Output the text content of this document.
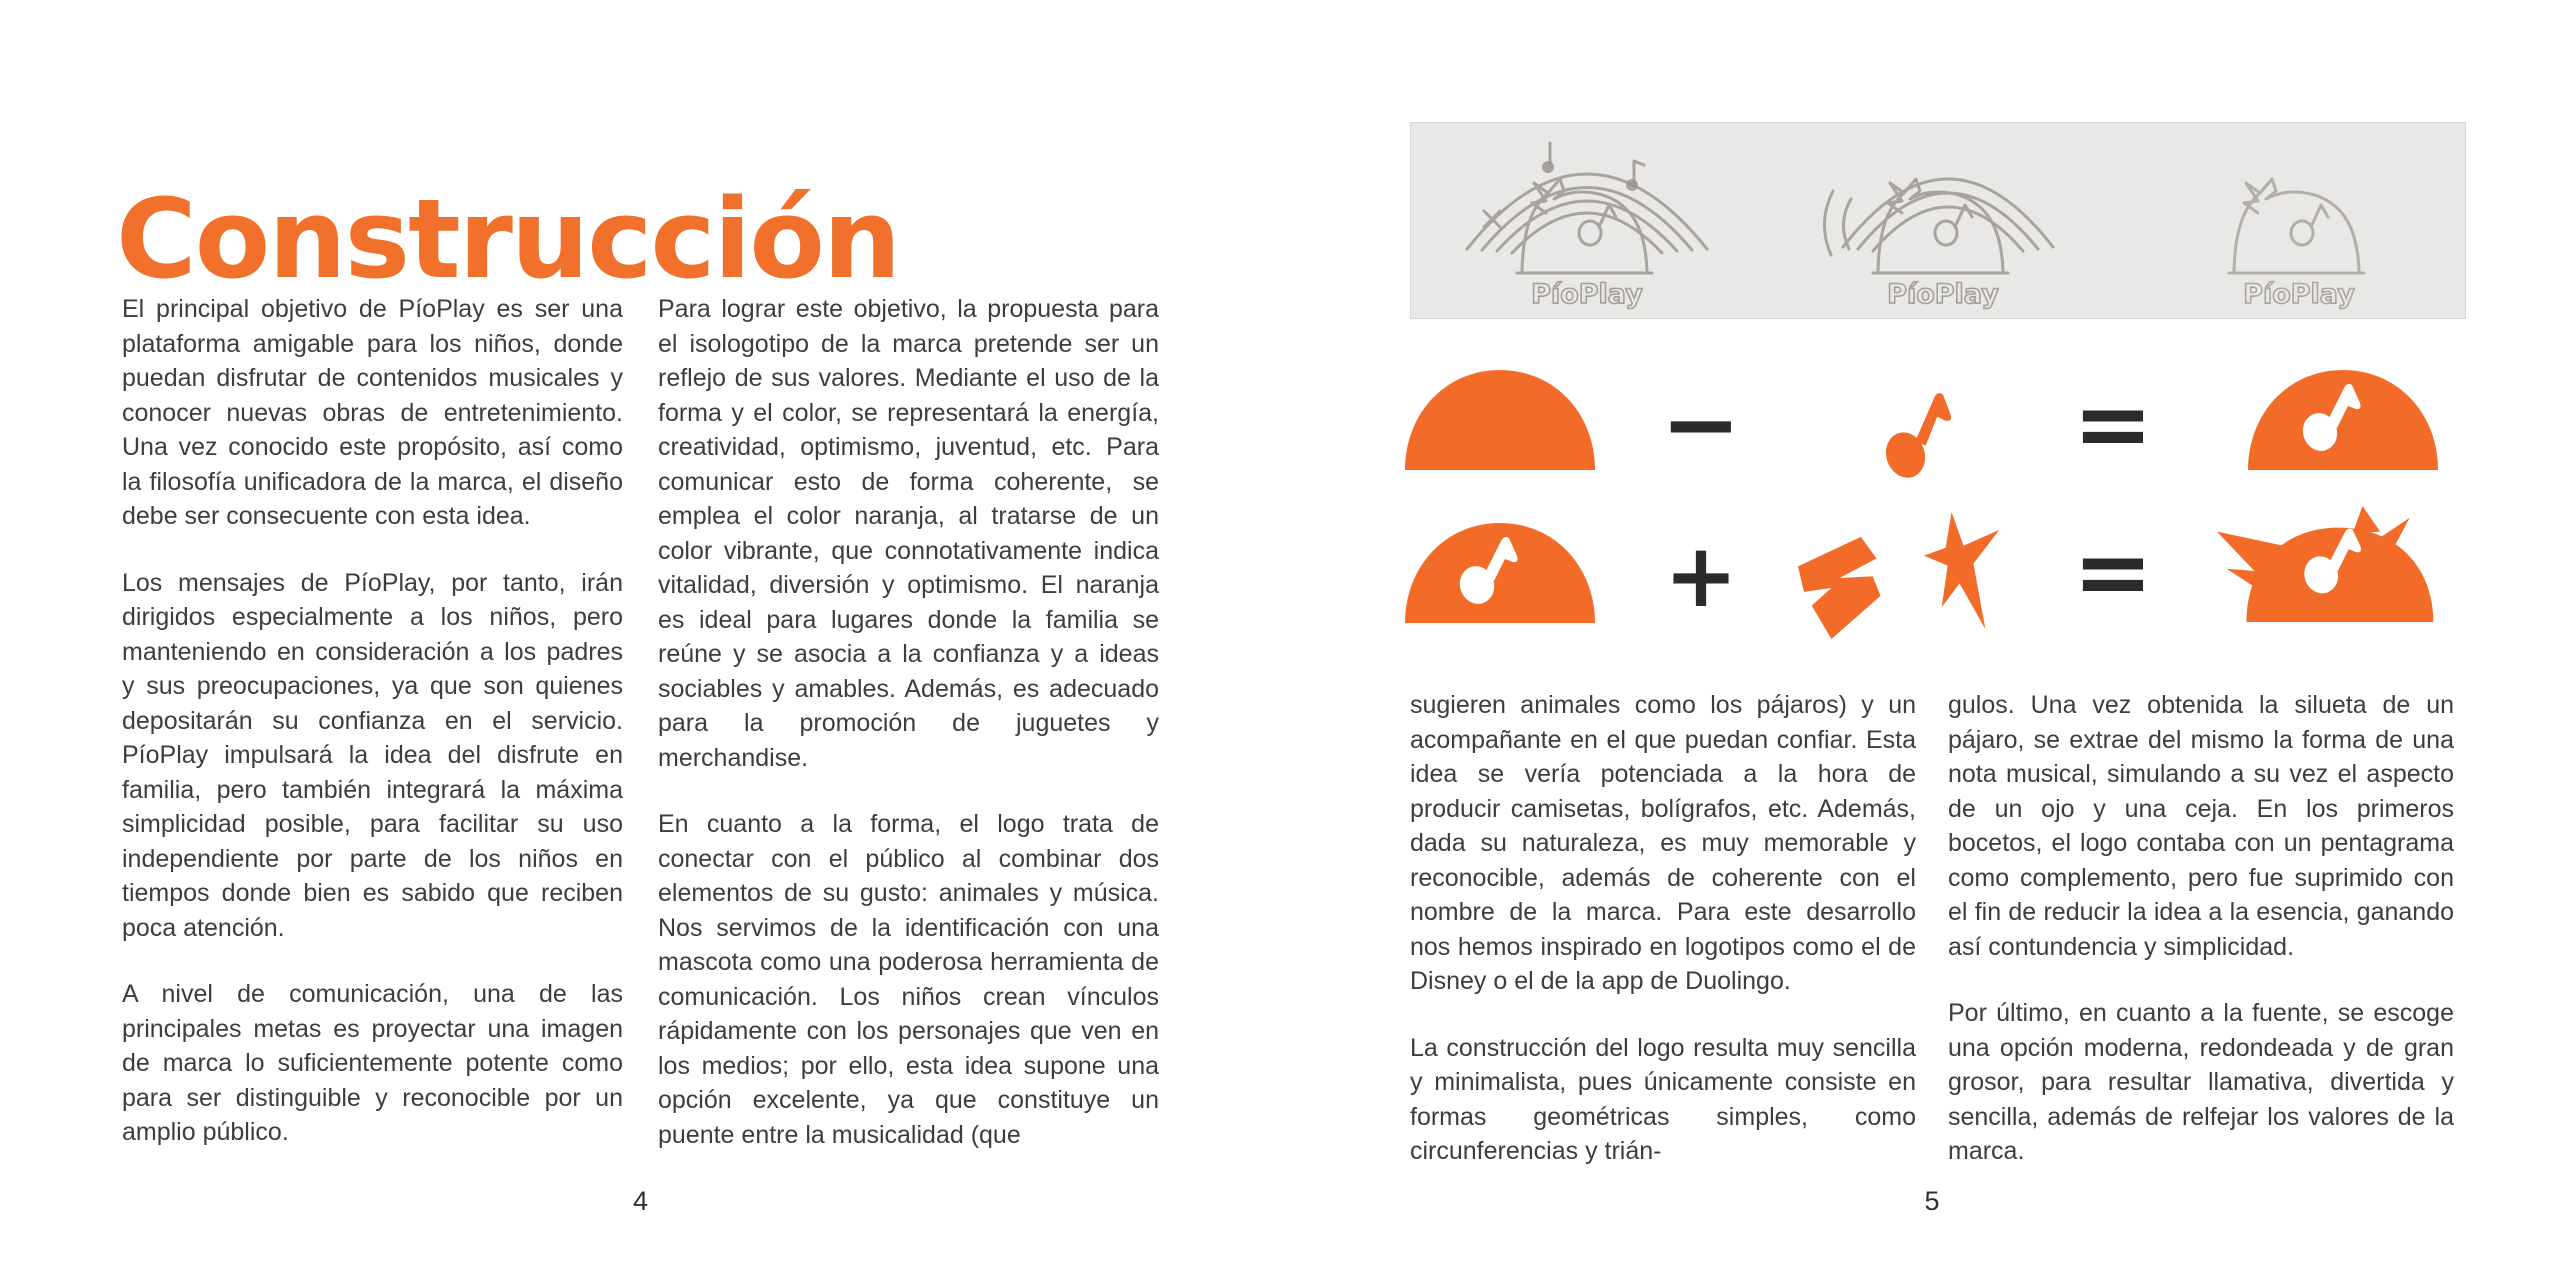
Construcción

El principal objetivo de PíoPlay es ser una plataforma amigable para los niños, donde puedan disfrutar de contenidos musicales y conocer nuevas obras de entretenimiento. Una vez conocido este propósito, así como la filosofía unificadora de la marca, el diseño debe ser consecuente con esta idea.

Los mensajes de PíoPlay, por tanto, irán dirigidos especialmente a los niños, pero manteniendo en consideración a los padres y sus preocupaciones, ya que son quienes depositarán su confianza en el servicio. PíoPlay impulsará la idea del disfrute en familia, pero también integrará la máxima simplicidad posible, para facilitar su uso independiente por parte de los niños en tiempos donde bien es sabido que reciben poca atención.

A nivel de comunicación, una de las principales metas es proyectar una imagen de marca lo suficientemente potente como para ser distinguible y reconocible por un amplio público.

Para lograr este objetivo, la propuesta para el isologotipo de la marca pretende ser un reflejo de sus valores. Mediante el uso de la forma y el color, se representará la energía, creatividad, optimismo, juventud, etc. Para comunicar esto de forma coherente, se emplea el color naranja, al tratarse de un color vibrante, que connotativamente indica vitalidad, diversión y optimismo. El naranja es ideal para lugares donde la familia se reúne y se asocia a la confianza y a ideas sociables y amables. Además, es adecuado para la promoción de juguetes y merchandise.

En cuanto a la forma, el logo trata de conectar con el público al combinar dos elementos de su gusto: animales y música. Nos servimos de la identificación con una mascota como una poderosa herramienta de comunicación. Los niños crean vínculos rápidamente con los personajes que ven en los medios; por ello, esta idea supone una opción excelente, ya que constituye un puente entre la musicalidad (que

4
PíoPlay	PíoPlay	PíoPlay
−	=
+	=

sugieren animales como los pájaros) y un acompañante en el que puedan confiar. Esta idea se vería potenciada a la hora de producir camisetas, bolígrafos, etc. Además, dada su naturaleza, es muy memorable y reconocible, además de coherente con el nombre de la marca. Para este desarrollo nos hemos inspirado en logotipos como el de Disney o el de la app de Duolingo.

La construcción del logo resulta muy sencilla y minimalista, pues únicamente consiste en formas geométricas simples, como circunferencias y trián-

gulos. Una vez obtenida la silueta de un pájaro, se extrae del mismo la forma de una nota musical, simulando a su vez el aspecto de un ojo y una ceja. En los primeros bocetos, el logo contaba con un pentagrama como complemento, pero fue suprimido con el fin de reducir la idea a la esencia, ganando así contundencia y simplicidad.

Por último, en cuanto a la fuente, se escoge una opción moderna, redondeada y de gran grosor, para resultar llamativa, divertida y sencilla, además de relfejar los valores de la marca.

5
